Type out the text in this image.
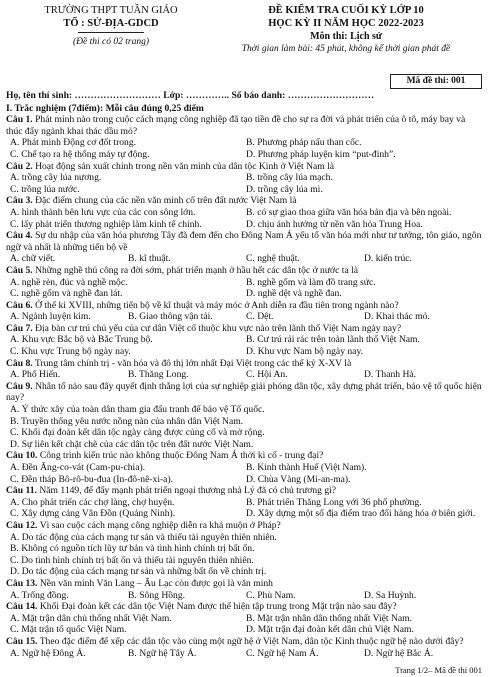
TRƯỜNG THPT TUẦN GIÁO
TỔ : SỬ-ĐỊA-GDCD
(Đề thi có 02 trang)
ĐỀ KIỂM TRA CUỐI KỲ LỚP 10
HỌC KỲ II NĂM HỌC 2022-2023
Môn thi: Lịch sử
Thời gian làm bài: 45 phút, không kể thời gian phát đề
Mã đề thi: 001
Họ, tên thí sinh: ……………………… Lớp: ………….. Số báo danh: ………………………
I. Trắc nghiệm (7điểm): Mỗi câu đúng 0,25 điểm
Câu 1. Phát minh nào trong cuộc cách mạng công nghiệp đã tạo tiền đề cho sự ra đời và phát triển của ô tô, máy bay và thúc đẩy ngành khai thác dầu mỏ?
A. Phát minh Động cơ đốt trong.	B. Phương pháp nấu than cốc.
C. Chế tạo ra hệ thống máy tự động.	D. Phương pháp luyện kim “put-đinh”.
Câu 2. Hoạt động sản xuất chính trong nền văn minh của dân tộc Kinh ở Việt Nam là
A. trồng cây lúa nương.	B. trồng cây lúa mạch.
C. trồng lúa nước.	D. trồng cây lúa mì.
Câu 3. Đặc điểm chung của các nền văn minh cổ trên đất nước Việt Nam là
A. hình thành bên lưu vực của các con sông lớn.	B. có sự giao thoa giữa văn hóa bản địa và bên ngoài.
C. lấy phát triển thương nghiệp làm kinh tế chính.	D. chịu ảnh hưởng từ nền văn hóa Trung Hoa.
Câu 4. Sự du nhập của văn hóa phương Tây đã đem đến cho Đông Nam Á yếu tố văn hóa mới như tư tưởng, tôn giáo, ngôn ngữ và nhất là những tiến bộ về
A. chữ viết.	B. kĩ thuật.	C. nghệ thuật.	D. kiến trúc.
Câu 5. Những nghề thủ công ra đời sớm, phát triển mạnh ở hầu hết các dân tộc ở nước ta là
A. nghề rèn, đúc và nghề mộc.	B. nghề gốm và làm đồ trang sức.
C. nghề gốm và nghề đan lát.	D. nghề dệt và nghề đan.
Câu 6. Ở thế kỉ XVIII, những tiến bộ về kĩ thuật và máy móc ở Anh diễn ra đầu tiên trong ngành nào?
A. Ngành luyện kim.	B. Giao thông vận tải.	C. Dệt.	D. Khai thác mỏ.
Câu 7. Địa bàn cư trú chủ yếu của cư dân Việt cổ thuộc khu vực nào trên lãnh thổ Việt Nam ngày nay?
A. Khu vực Bắc bộ và Bắc Trung bộ.	B. Cư trú rải rác trên toàn lãnh thổ Việt Nam.
C. Khu vực Trung bộ ngày nay.	D. Khu vực Nam bộ ngày nay.
Câu 8. Trung tâm chính trị - văn hóa và đô thị lớn nhất Đại Việt trong các thế kỷ X-XV là
A. Phố Hiến.	B. Thăng Long.	C. Hội An.	D. Thanh Hà.
Câu 9. Nhân tố nào sau đây quyết định thắng lợi của sự nghiệp giải phóng dân tộc, xây dựng phát triển, bảo vệ tổ quốc hiện nay?
A. Ý thức xây của toàn dân tham gia đấu tranh để bảo vệ Tổ quốc.
B. Truyền thống yêu nước nồng nàn của nhân dân Việt Nam.
C. Khối đại đoàn kết dân tộc ngày càng được củng cố và mở rộng.
D. Sự liên kết chặt chẽ của các dân tộc trên đất nước Việt Nam.
Câu 10. Công trình kiến trúc nào không thuộc Đông Nam Á thời kì cổ - trung đại?
A. Đền Ăng-co-vát (Cam-pu-chia).	B. Kinh thành Huế (Việt Nam).
C. Đền tháp Bô-rô-bu-đua (In-đô-nê-xi-a).	D. Chùa Vàng (Mi-an-ma).
Câu 11. Năm 1149, để đẩy mạnh phát triển ngoại thương nhà Lý đã có chủ trương gì?
A. Cho phát triển các chợ làng, chợ huyện.	B. Phát triển Thăng Long với 36 phố phường.
C. Xây dựng cảng Vân Đồn (Quảng Ninh).	D. Xây dựng một số địa điểm trao đổi hàng hóa ở biên giới.
Câu 12. Vì sao cuộc cách mạng công nghiệp diễn ra khá muộn ở Pháp?
A. Do tác động của cách mạng tư sản và thiếu tài nguyên thiên nhiên.
B. Không có nguồn tích lũy tư bản và tình hình chính trị bất ổn.
C. Do tình hình chính trị bất ổn và thiếu tài nguyên thiên nhiên.
D. Do tác động của cách mạng tư sản và những bất ổn về chính trị.
Câu 13. Nền văn minh Văn Lang – Âu Lạc còn được gọi là văn minh
A. Trống đồng.	B. Sông Hồng.	C. Phù Nam.	D. Sa Huỳnh.
Câu 14. Khối Đại đoàn kết các dân tộc Việt Nam được thể hiện tập trung trong Mặt trận nào sau đây?
A. Mặt trận dân chủ thống nhất Việt Nam.	B. Mặt trận nhân dân thống nhất Việt Nam.
C. Mặt trận tổ quốc Việt Nam.	D. Mặt trận đại đoàn kết dân chủ Việt Nam.
Câu 15. Theo đặc điểm để xếp các dân tộc vào cùng một ngữ hệ ở Việt Nam, dân tộc Kinh thuộc ngữ hệ nào dưới đây?
A. Ngữ hệ Đông Á.	B. Ngữ hệ Tây Á.	C. Ngữ hệ Nam Á.	D. Ngữ hệ Bắc Á.
Trang 1/2– Mã đề thi 001
